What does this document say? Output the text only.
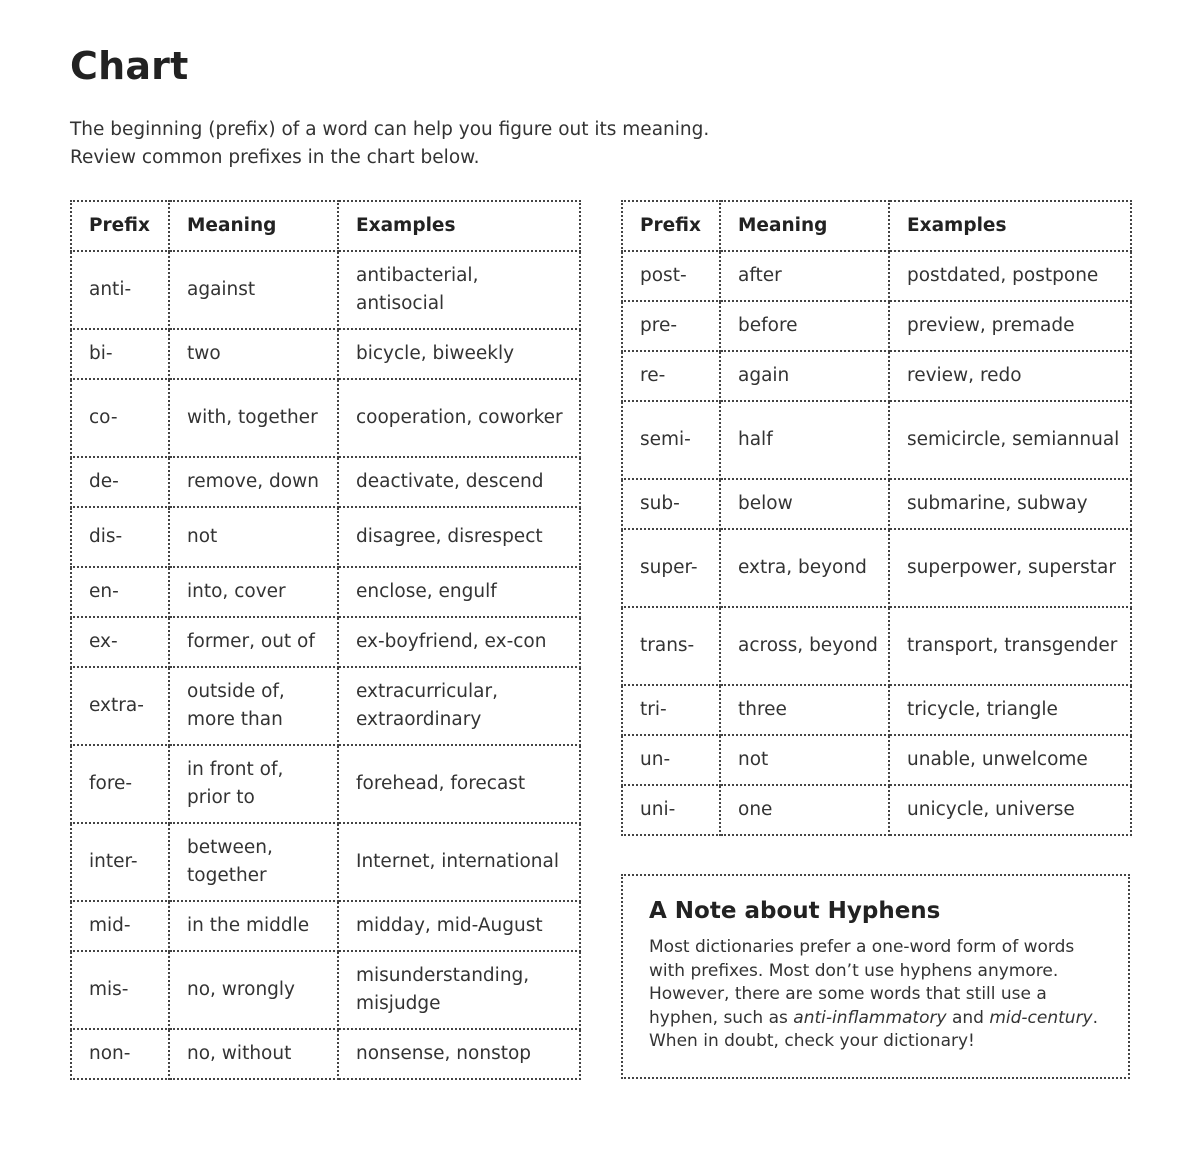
Chart
The beginning (prefix) of a word can help you figure out its meaning.
Review common prefixes in the chart below.
Prefix	Meaning	Examples
anti-	against	antibacterial, antisocial
bi-	two	bicycle, biweekly
co-	with, together	cooperation, coworker
de-	remove, down	deactivate, descend
dis-	not	disagree, disrespect
en-	into, cover	enclose, engulf
ex-	former, out of	ex-boyfriend, ex-con
extra-	outside of, more than	extracurricular, extraordinary
fore-	in front of, prior to	forehead, forecast
inter-	between, together	Internet, international
mid-	in the middle	midday, mid-August
mis-	no, wrongly	misunderstanding, misjudge
non-	no, without	nonsense, nonstop
Prefix	Meaning	Examples
post-	after	postdated, postpone
pre-	before	preview, premade
re-	again	review, redo
semi-	half	semicircle, semiannual
sub-	below	submarine, subway
super-	extra, beyond	superpower, superstar
trans-	across, beyond	transport, transgender
tri-	three	tricycle, triangle
un-	not	unable, unwelcome
uni-	one	unicycle, universe
A Note about Hyphens

Most dictionaries prefer a one-word form of words with prefixes. Most don’t use hyphens anymore. However, there are some words that still use a hyphen, such as anti-inflammatory and mid-century. When in doubt, check your dictionary!
